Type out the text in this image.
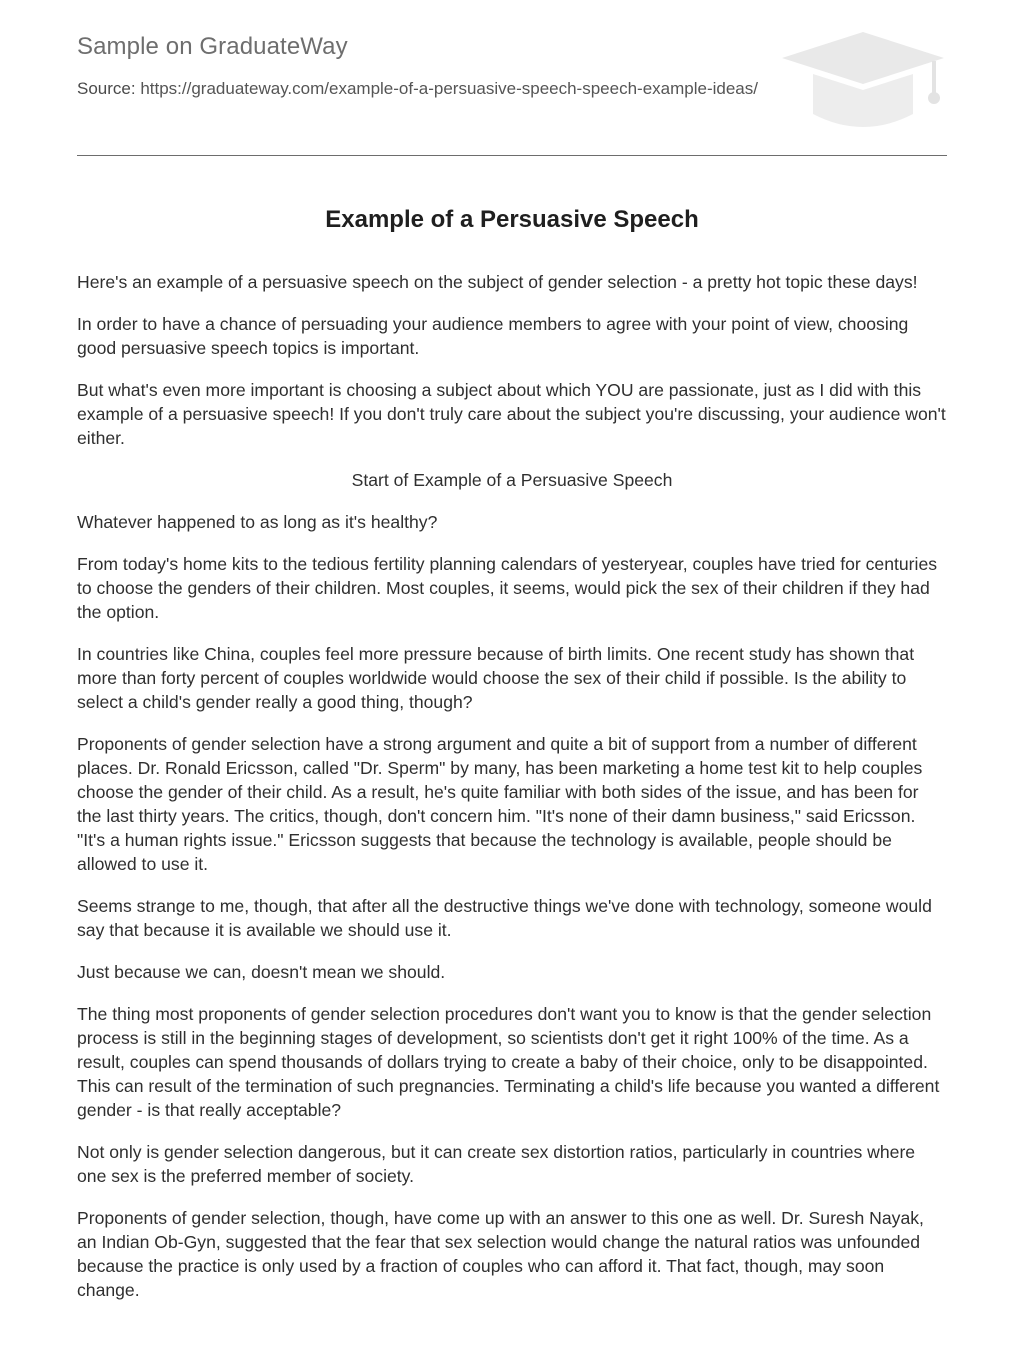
Sample on GraduateWay
Source: https://graduateway.com/example-of-a-persuasive-speech-speech-example-ideas/
Example of a Persuasive Speech

Here's an example of a persuasive speech on the subject of gender selection - a pretty hot topic these days!

In order to have a chance of persuading your audience members to agree with your point of view, choosing good persuasive speech topics is important.

But what's even more important is choosing a subject about which YOU are passionate, just as I did with this example of a persuasive speech! If you don't truly care about the subject you're discussing, your audience won't either.

Start of Example of a Persuasive Speech

Whatever happened to as long as it's healthy?

From today's home kits to the tedious fertility planning calendars of yesteryear, couples have tried for centuries to choose the genders of their children. Most couples, it seems, would pick the sex of their children if they had the option.

In countries like China, couples feel more pressure because of birth limits. One recent study has shown that more than forty percent of couples worldwide would choose the sex of their child if possible. Is the ability to select a child's gender really a good thing, though?

Proponents of gender selection have a strong argument and quite a bit of support from a number of different places. Dr. Ronald Ericsson, called "Dr. Sperm" by many, has been marketing a home test kit to help couples choose the gender of their child. As a result, he's quite familiar with both sides of the issue, and has been for the last thirty years. The critics, though, don't concern him. "It's none of their damn business," said Ericsson. "It's a human rights issue." Ericsson suggests that because the technology is available, people should be allowed to use it.

Seems strange to me, though, that after all the destructive things we've done with technology, someone would say that because it is available we should use it.

Just because we can, doesn't mean we should.

The thing most proponents of gender selection procedures don't want you to know is that the gender selection process is still in the beginning stages of development, so scientists don't get it right 100% of the time. As a result, couples can spend thousands of dollars trying to create a baby of their choice, only to be disappointed. This can result of the termination of such pregnancies. Terminating a child's life because you wanted a different gender - is that really acceptable?

Not only is gender selection dangerous, but it can create sex distortion ratios, particularly in countries where one sex is the preferred member of society.

Proponents of gender selection, though, have come up with an answer to this one as well. Dr. Suresh Nayak, an Indian Ob-Gyn, suggested that the fear that sex selection would change the natural ratios was unfounded because the practice is only used by a fraction of couples who can afford it. That fact, though, may soon change.
